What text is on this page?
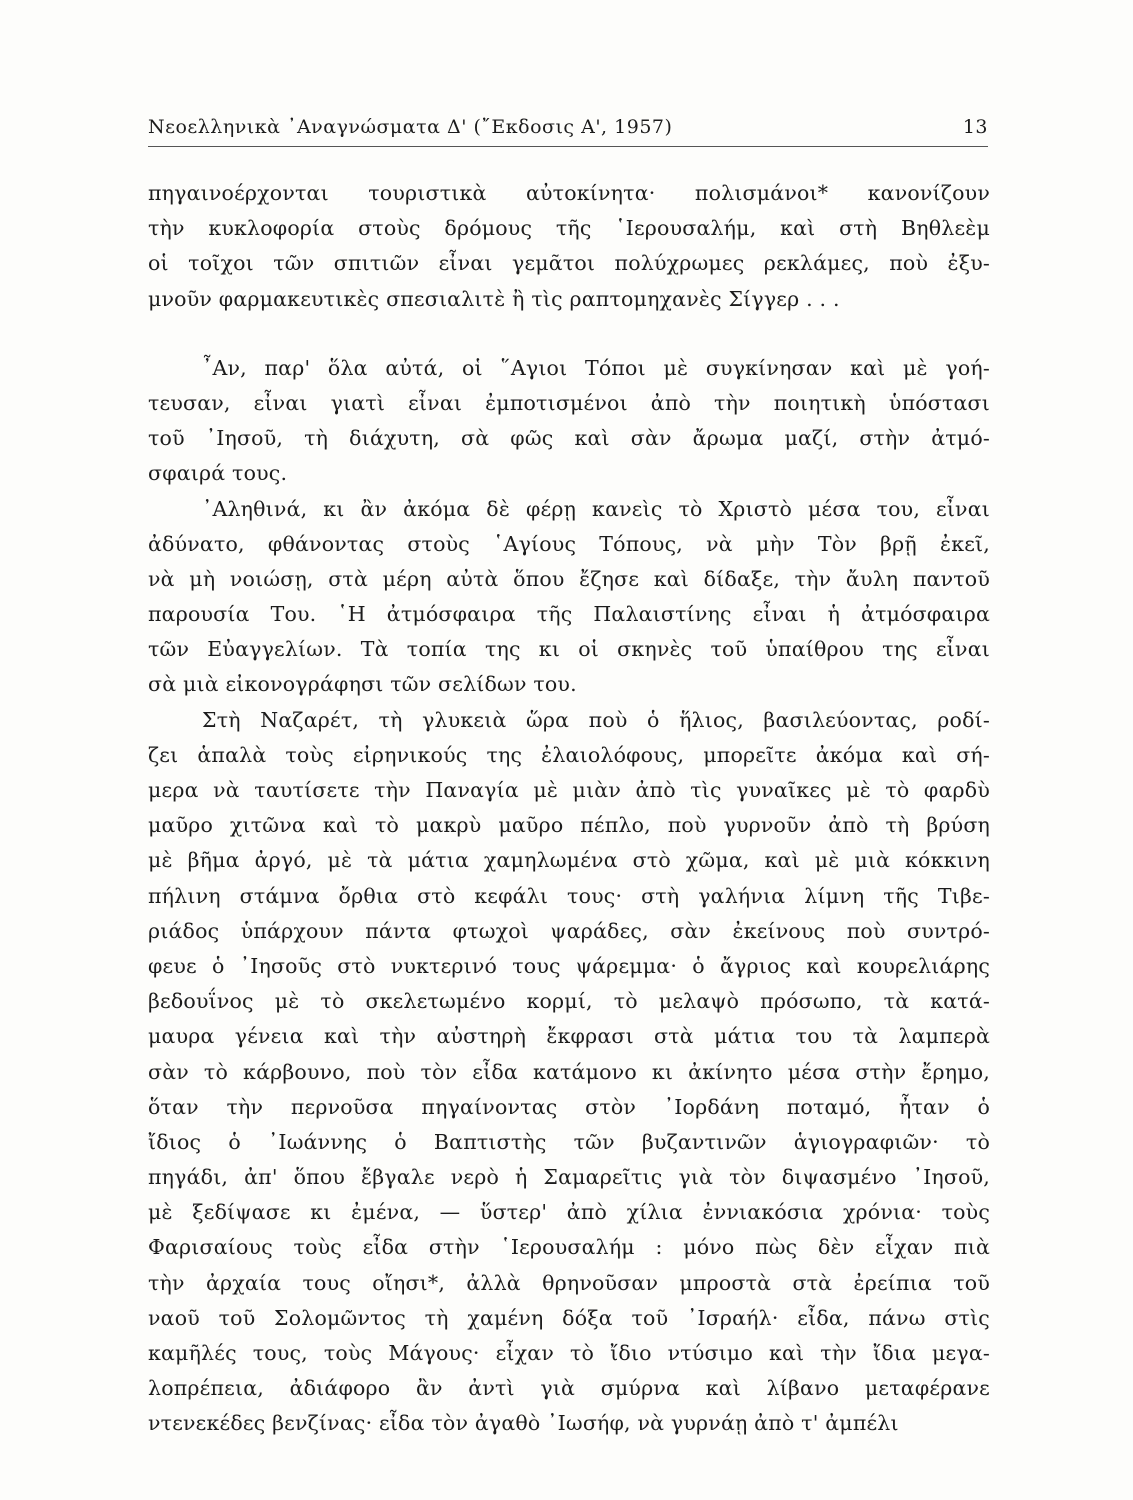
Νεοελληνικὰ ᾿Αναγνώσματα Δ' (῎Εκδοσις Α', 1957)	13
πηγαινοέρχονται τουριστικὰ αὐτοκίνητα· πολισμάνοι* κανονίζουν
τὴν κυκλοφορία στοὺς δρόμους τῆς ῾Ιερουσαλήμ, καὶ στὴ Βηθλεὲμ
οἱ τοῖχοι τῶν σπιτιῶν εἶναι γεμᾶτοι πολύχρωμες ρεκλάμες, ποὺ ἐξυ-
μνοῦν φαρμακευτικὲς σπεσιαλιτὲ ἢ τὶς ραπτομηχανὲς Σίγγερ . . .
῏Αν, παρ' ὅλα αὐτά, οἱ ῞Αγιοι Τόποι μὲ συγκίνησαν καὶ μὲ γοή-
τευσαν, εἶναι γιατὶ εἶναι ἐμποτισμένοι ἀπὸ τὴν ποιητικὴ ὑπόστασι
τοῦ ᾿Ιησοῦ, τὴ διάχυτη, σὰ φῶς καὶ σὰν ἄρωμα μαζί, στὴν ἀτμό-
σφαιρά τους.
᾿Αληθινά, κι ἂν ἀκόμα δὲ φέρῃ κανεὶς τὸ Χριστὸ μέσα του, εἶναι
ἀδύνατο, φθάνοντας στοὺς ῾Αγίους Τόπους, νὰ μὴν Τὸν βρῇ ἐκεῖ,
νὰ μὴ νοιώσῃ, στὰ μέρη αὐτὰ ὅπου ἔζησε καὶ δίδαξε, τὴν ἄυλη παντοῦ
παρουσία Του. ῾Η ἀτμόσφαιρα τῆς Παλαιστίνης εἶναι ἡ ἀτμόσφαιρα
τῶν Εὐαγγελίων. Τὰ τοπία της κι οἱ σκηνὲς τοῦ ὑπαίθρου της εἶναι
σὰ μιὰ εἰκονογράφησι τῶν σελίδων του.
Στὴ Ναζαρέτ, τὴ γλυκειὰ ὥρα ποὺ ὁ ἥλιος, βασιλεύοντας, ροδί-
ζει ἁπαλὰ τοὺς εἰρηνικούς της ἐλαιολόφους, μπορεῖτε ἀκόμα καὶ σή-
μερα νὰ ταυτίσετε τὴν Παναγία μὲ μιὰν ἀπὸ τὶς γυναῖκες μὲ τὸ φαρδὺ
μαῦρο χιτῶνα καὶ τὸ μακρὺ μαῦρο πέπλο, ποὺ γυρνοῦν ἀπὸ τὴ βρύση
μὲ βῆμα ἀργό, μὲ τὰ μάτια χαμηλωμένα στὸ χῶμα, καὶ μὲ μιὰ κόκκινη
πήλινη στάμνα ὄρθια στὸ κεφάλι τους· στὴ γαλήνια λίμνη τῆς Τιβε-
ριάδος ὑπάρχουν πάντα φτωχοὶ ψαράδες, σὰν ἐκείνους ποὺ συντρό-
φευε ὁ ᾿Ιησοῦς στὸ νυκτερινό τους ψάρεμμα· ὁ ἄγριος καὶ κουρελιάρης
βεδουΐνος μὲ τὸ σκελετωμένο κορμί, τὸ μελαψὸ πρόσωπο, τὰ κατά-
μαυρα γένεια καὶ τὴν αὐστηρὴ ἔκφρασι στὰ μάτια του τὰ λαμπερὰ
σὰν τὸ κάρβουνο, ποὺ τὸν εἶδα κατάμονο κι ἀκίνητο μέσα στὴν ἔρημο,
ὅταν τὴν περνοῦσα πηγαίνοντας στὸν ᾿Ιορδάνη ποταμό, ἦταν ὁ
ἴδιος ὁ ᾿Ιωάννης ὁ Βαπτιστὴς τῶν βυζαντινῶν ἁγιογραφιῶν· τὸ
πηγάδι, ἀπ' ὅπου ἔβγαλε νερὸ ἡ Σαμαρεῖτις γιὰ τὸν διψασμένο ᾿Ιησοῦ,
μὲ ξεδίψασε κι ἐμένα, — ὕστερ' ἀπὸ χίλια ἐννιακόσια χρόνια· τοὺς
Φαρισαίους τοὺς εἶδα στὴν ῾Ιερουσαλήμ : μόνο πὼς δὲν εἶχαν πιὰ
τὴν ἀρχαία τους οἴησι*, ἀλλὰ θρηνοῦσαν μπροστὰ στὰ ἐρείπια τοῦ
ναοῦ τοῦ Σολομῶντος τὴ χαμένη δόξα τοῦ ᾿Ισραήλ· εἶδα, πάνω στὶς
καμῆλές τους, τοὺς Μάγους· εἶχαν τὸ ἴδιο ντύσιμο καὶ τὴν ἴδια μεγα-
λοπρέπεια, ἀδιάφορο ἂν ἀντὶ γιὰ σμύρνα καὶ λίβανο μεταφέρανε
ντενεκέδες βενζίνας· εἶδα τὸν ἀγαθὸ ᾿Ιωσήφ, νὰ γυρνάῃ ἀπὸ τ' ἀμπέλι
